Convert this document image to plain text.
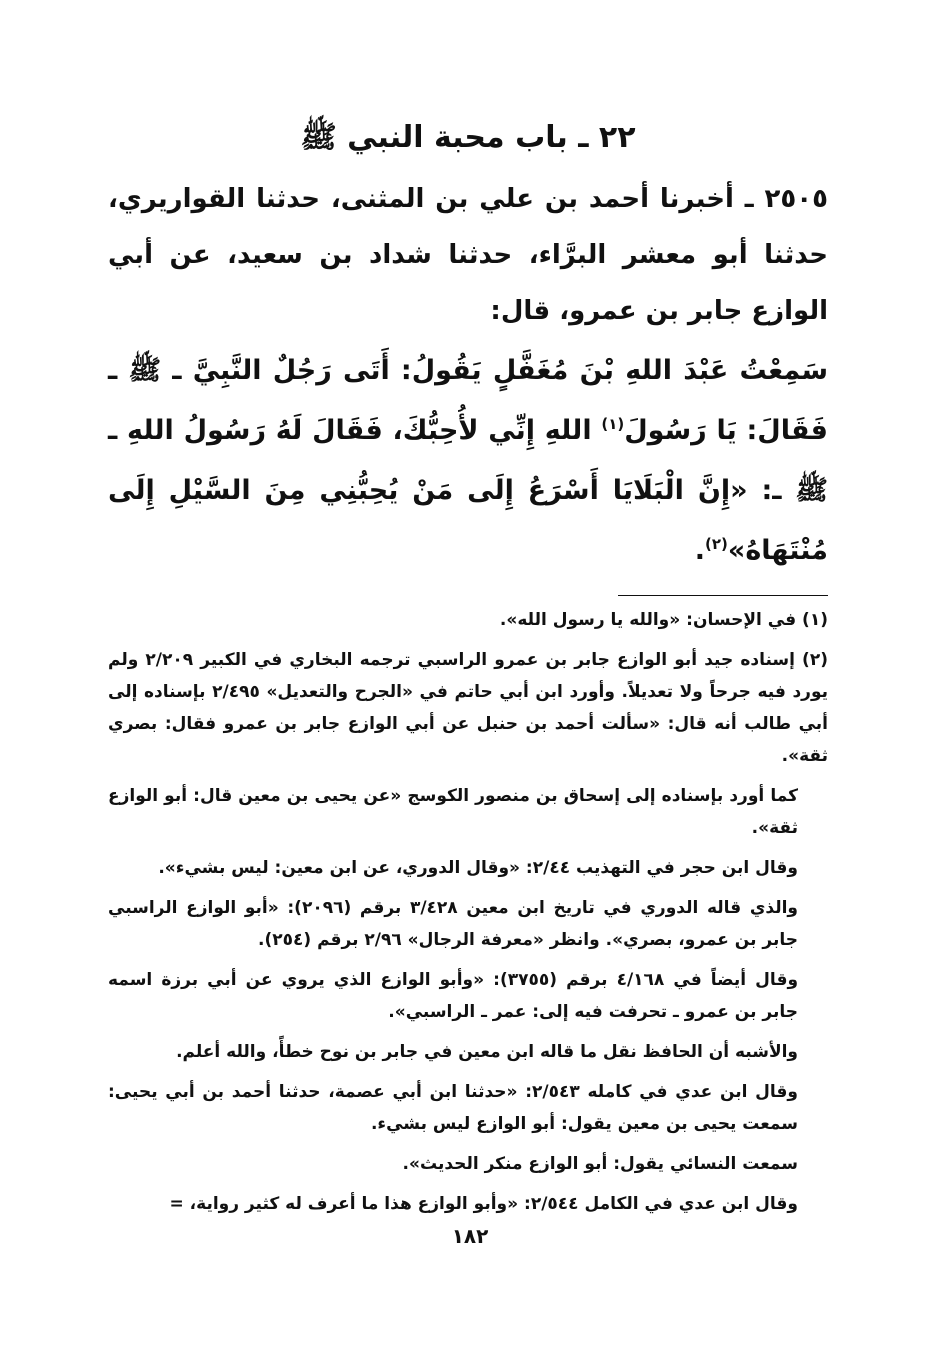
٢٢ ـ باب محبة النبي ﷺ

٢٥٠٥ ـ أخبرنا أحمد بن علي بن المثنى، حدثنا القواريري، حدثنا أبو معشر البرَّاء، حدثنا شداد بن سعيد، عن أبي الوازع جابر بن عمرو، قال:

سَمِعْتُ عَبْدَ اللهِ بْنَ مُغَفَّلٍ يَقُولُ: أَتَى رَجُلٌ النَّبِيَّ ـ ﷺ ـ فَقَالَ: يَا رَسُولَ$^{(١)}$ اللهِ إِنِّي لأُحِبُّكَ، فَقَالَ لَهُ رَسُولُ اللهِ ـ ﷺ ـ: «إِنَّ الْبَلَايَا أَسْرَعُ إِلَى مَنْ يُحِبُّنِي مِنَ السَّيْلِ إِلَى مُنْتَهَاهُ»$^{(٢)}$.

(١) في الإحسان: «والله يا رسول الله».

(٢) إسناده جيد أبو الوازع جابر بن عمرو الراسبي ترجمه البخاري في الكبير ٢/٢٠٩ ولم يورد فيه جرحاً ولا تعديلاً. وأورد ابن أبي حاتم في «الجرح والتعديل» ٢/٤٩٥ بإسناده إلى أبي طالب أنه قال: «سألت أحمد بن حنبل عن أبي الوازع جابر بن عمرو فقال: بصري ثقة».

كما أورد بإسناده إلى إسحاق بن منصور الكوسج «عن يحيى بن معين قال: أبو الوازع ثقة».

وقال ابن حجر في التهذيب ٢/٤٤: «وقال الدوري، عن ابن معين: ليس بشيء».

والذي قاله الدوري في تاريخ ابن معين ٣/٤٢٨ برقم (٢٠٩٦): «أبو الوازع الراسبي جابر بن عمرو، بصري». وانظر «معرفة الرجال» ٢/٩٦ برقم (٢٥٤).

وقال أيضاً في ٤/١٦٨ برقم (٣٧٥٥): «وأبو الوازع الذي يروي عن أبي برزة اسمه جابر بن عمرو ـ تحرفت فيه إلى: عمر ـ الراسبي».

والأشبه أن الحافظ نقل ما قاله ابن معين في جابر بن نوح خطأً، والله أعلم.

وقال ابن عدي في كامله ٢/٥٤٣: «حدثنا ابن أبي عصمة، حدثنا أحمد بن أبي يحيى: سمعت يحيى بن معين يقول: أبو الوازع ليس بشيء.

سمعت النسائي يقول: أبو الوازع منكر الحديث».

وقال ابن عدي في الكامل ٢/٥٤٤: «وأبو الوازع هذا ما أعرف له كثير رواية، =

١٨٢
